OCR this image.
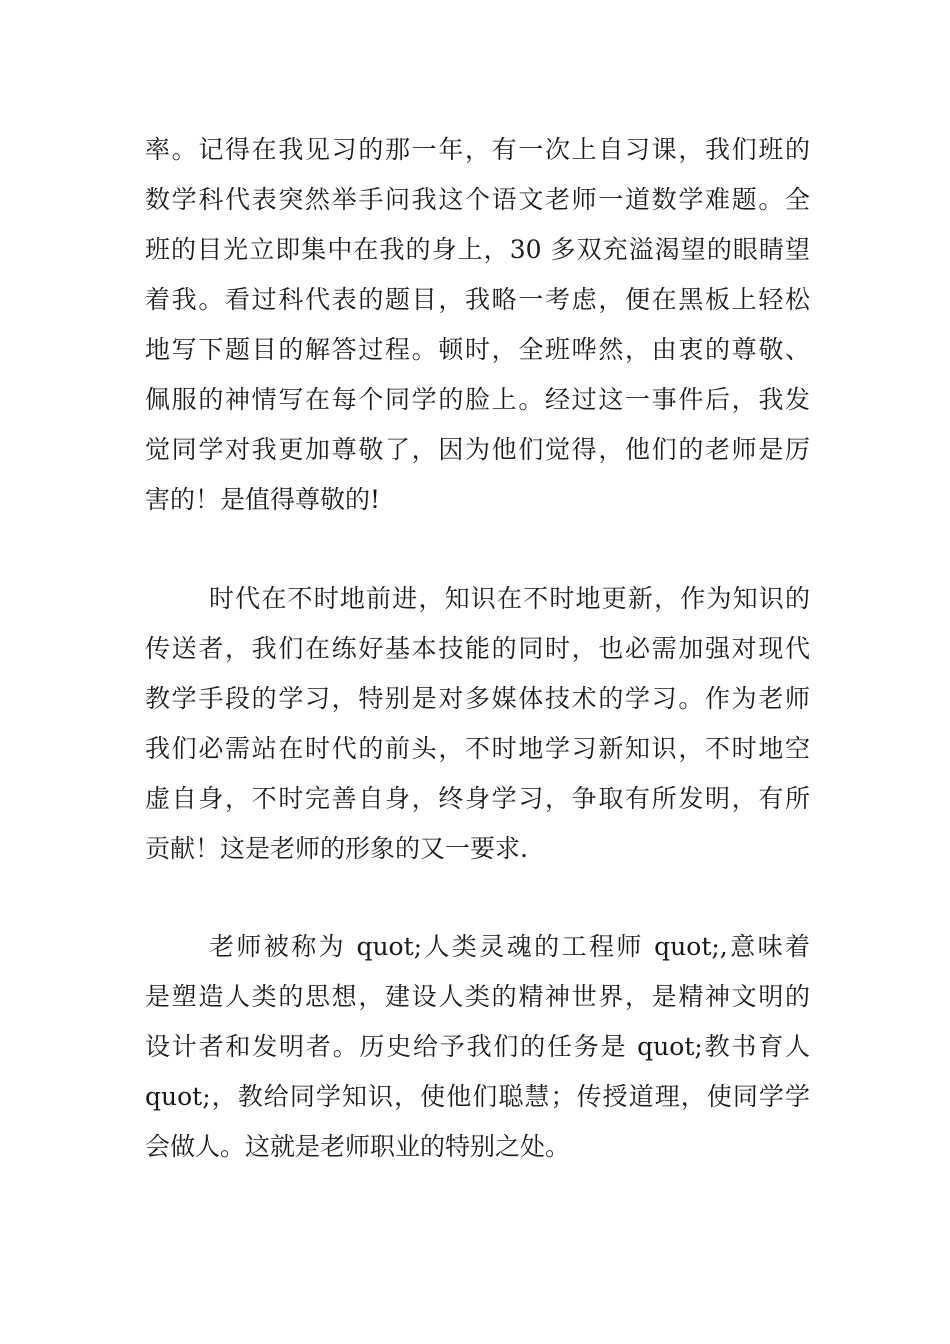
率。记得在我见习的那一年，有一次上自习课，我们班的
数学科代表突然举手问我这个语文老师一道数学难题。全
班的目光立即集中在我的身上，30 多双充溢渴望的眼睛望
着我。看过科代表的题目，我略一考虑，便在黑板上轻松
地写下题目的解答过程。顿时，全班哗然，由衷的尊敬、
佩服的神情写在每个同学的脸上。经过这一事件后，我发
觉同学对我更加尊敬了，因为他们觉得，他们的老师是厉
害的！是值得尊敬的!
时代在不时地前进，知识在不时地更新，作为知识的
传送者，我们在练好基本技能的同时，也必需加强对现代
教学手段的学习，特别是对多媒体技术的学习。作为老师
我们必需站在时代的前头，不时地学习新知识，不时地空
虚自身，不时完善自身，终身学习，争取有所发明，有所
贡献！这是老师的形象的又一要求.
老师被称为 quot;人类灵魂的工程师 quot;,意味着
是塑造人类的思想，建设人类的精神世界，是精神文明的
设计者和发明者。历史给予我们的任务是 quot;教书育人
quot;，教给同学知识，使他们聪慧；传授道理，使同学学
会做人。这就是老师职业的特别之处。
